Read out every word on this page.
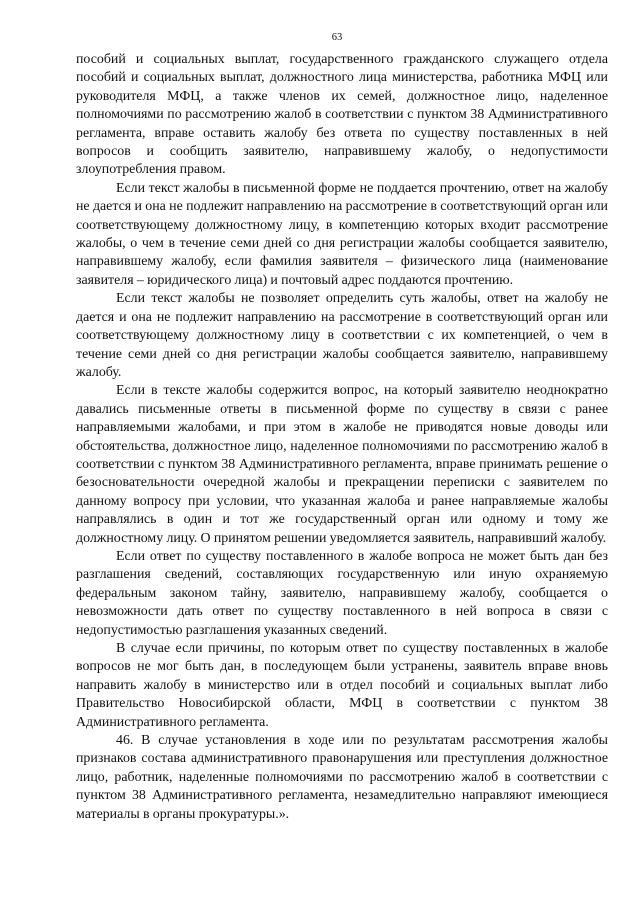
63

пособий и социальных выплат, государственного гражданского служащего отдела пособий и социальных выплат, должностного лица министерства, работника МФЦ или руководителя МФЦ, а также членов их семей, должностное лицо, наделенное полномочиями по рассмотрению жалоб в соответствии с пунктом 38 Административного регламента, вправе оставить жалобу без ответа по существу поставленных в ней вопросов и сообщить заявителю, направившему жалобу, о недопустимости злоупотребления правом.

Если текст жалобы в письменной форме не поддается прочтению, ответ на жалобу не дается и она не подлежит направлению на рассмотрение в соответствующий орган или соответствующему должностному лицу, в компетенцию которых входит рассмотрение жалобы, о чем в течение семи дней со дня регистрации жалобы сообщается заявителю, направившему жалобу, если фамилия заявителя – физического лица (наименование заявителя – юридического лица) и почтовый адрес поддаются прочтению.

Если текст жалобы не позволяет определить суть жалобы, ответ на жалобу не дается и она не подлежит направлению на рассмотрение в соответствующий орган или соответствующему должностному лицу в соответствии с их компетенцией, о чем в течение семи дней со дня регистрации жалобы сообщается заявителю, направившему жалобу.

Если в тексте жалобы содержится вопрос, на который заявителю неоднократно давались письменные ответы в письменной форме по существу в связи с ранее направляемыми жалобами, и при этом в жалобе не приводятся новые доводы или обстоятельства, должностное лицо, наделенное полномочиями по рассмотрению жалоб в соответствии с пунктом 38 Административного регламента, вправе принимать решение о безосновательности очередной жалобы и прекращении переписки с заявителем по данному вопросу при условии, что указанная жалоба и ранее направляемые жалобы направлялись в один и тот же государственный орган или одному и тому же должностному лицу. О принятом решении уведомляется заявитель, направивший жалобу.

Если ответ по существу поставленного в жалобе вопроса не может быть дан без разглашения сведений, составляющих государственную или иную охраняемую федеральным законом тайну, заявителю, направившему жалобу, сообщается о невозможности дать ответ по существу поставленного в ней вопроса в связи с недопустимостью разглашения указанных сведений.

В случае если причины, по которым ответ по существу поставленных в жалобе вопросов не мог быть дан, в последующем были устранены, заявитель вправе вновь направить жалобу в министерство или в отдел пособий и социальных выплат либо Правительство Новосибирской области, МФЦ в соответствии с пунктом 38 Административного регламента.

46. В случае установления в ходе или по результатам рассмотрения жалобы признаков состава административного правонарушения или преступления должностное лицо, работник, наделенные полномочиями по рассмотрению жалоб в соответствии с пунктом 38 Административного регламента, незамедлительно направляют имеющиеся материалы в органы прокуратуры.».
